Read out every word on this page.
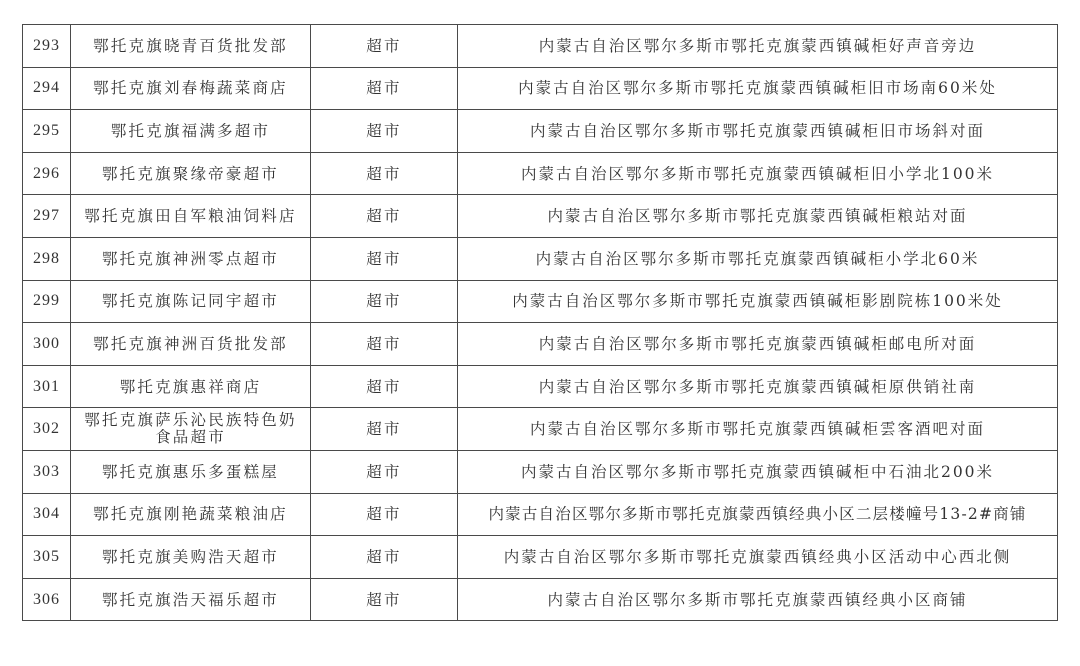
293	鄂托克旗晓青百货批发部	超市	内蒙古自治区鄂尔多斯市鄂托克旗蒙西镇碱柜好声音旁边
294	鄂托克旗刘春梅蔬菜商店	超市	内蒙古自治区鄂尔多斯市鄂托克旗蒙西镇碱柜旧市场南60米处
295	鄂托克旗福满多超市	超市	内蒙古自治区鄂尔多斯市鄂托克旗蒙西镇碱柜旧市场斜对面
296	鄂托克旗聚缘帝豪超市	超市	内蒙古自治区鄂尔多斯市鄂托克旗蒙西镇碱柜旧小学北100米
297	鄂托克旗田自军粮油饲料店	超市	内蒙古自治区鄂尔多斯市鄂托克旗蒙西镇碱柜粮站对面
298	鄂托克旗神洲零点超市	超市	内蒙古自治区鄂尔多斯市鄂托克旗蒙西镇碱柜小学北60米
299	鄂托克旗陈记同宇超市	超市	内蒙古自治区鄂尔多斯市鄂托克旗蒙西镇碱柜影剧院栋100米处
300	鄂托克旗神洲百货批发部	超市	内蒙古自治区鄂尔多斯市鄂托克旗蒙西镇碱柜邮电所对面
301	鄂托克旗惠祥商店	超市	内蒙古自治区鄂尔多斯市鄂托克旗蒙西镇碱柜原供销社南
302	鄂托克旗萨乐沁民族特色奶食品超市	超市	内蒙古自治区鄂尔多斯市鄂托克旗蒙西镇碱柜雲客酒吧对面
303	鄂托克旗惠乐多蛋糕屋	超市	内蒙古自治区鄂尔多斯市鄂托克旗蒙西镇碱柜中石油北200米
304	鄂托克旗刚艳蔬菜粮油店	超市	内蒙古自治区鄂尔多斯市鄂托克旗蒙西镇经典小区二层楼幢号13-2#商铺
305	鄂托克旗美购浩天超市	超市	内蒙古自治区鄂尔多斯市鄂托克旗蒙西镇经典小区活动中心西北侧
306	鄂托克旗浩天福乐超市	超市	内蒙古自治区鄂尔多斯市鄂托克旗蒙西镇经典小区商铺
